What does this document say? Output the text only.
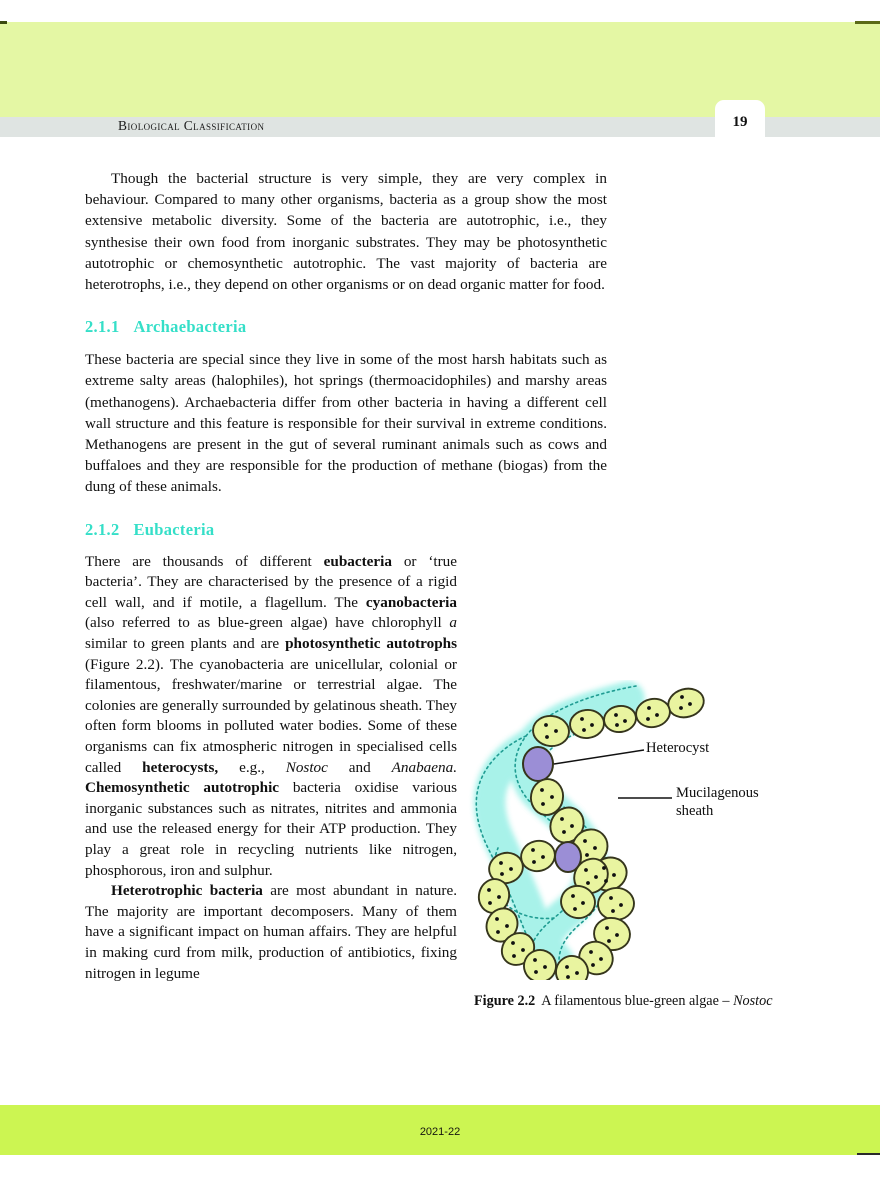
Biological Classification	19

Though the bacterial structure is very simple, they are very complex in behaviour. Compared to many other organisms, bacteria as a group show the most extensive metabolic diversity. Some of the bacteria are autotrophic, i.e., they synthesise their own food from inorganic substrates. They may be photosynthetic autotrophic or chemosynthetic autotrophic. The vast majority of bacteria are heterotrophs, i.e., they depend on other organisms or on dead organic matter for food.

2.1.1 Archaebacteria

These bacteria are special since they live in some of the most harsh habitats such as extreme salty areas (halophiles), hot springs (thermoacidophiles) and marshy areas (methanogens). Archaebacteria differ from other bacteria in having a different cell wall structure and this feature is responsible for their survival in extreme conditions. Methanogens are present in the gut of several ruminant animals such as cows and buffaloes and they are responsible for the production of methane (biogas) from the dung of these animals.

2.1.2 Eubacteria

There are thousands of different eubacteria or ‘true bacteria’. They are characterised by the presence of a rigid cell wall, and if motile, a flagellum. The cyanobacteria (also referred to as blue-green algae) have chlorophyll a similar to green plants and are photosynthetic autotrophs (Figure 2.2). The cyanobacteria are unicellular, colonial or filamentous, freshwater/marine or terrestrial algae. The colonies are generally surrounded by gelatinous sheath. They often form blooms in polluted water bodies. Some of these organisms can fix atmospheric nitrogen in specialised cells called heterocysts, e.g., Nostoc and Anabaena. Chemosynthetic autotrophic bacteria oxidise various inorganic substances such as nitrates, nitrites and ammonia and use the released energy for their ATP production. They play a great role in recycling nutrients like nitrogen, phosphorous, iron and sulphur.

Heterotrophic bacteria are most abundant in nature. The majority are important decomposers. Many of them have a significant impact on human affairs. They are helpful in making curd from milk, production of antibiotics, fixing nitrogen in legume

Heterocyst
Mucilagenous
sheath
Figure 2.2 A filamentous blue-green algae – Nostoc
2021-22
